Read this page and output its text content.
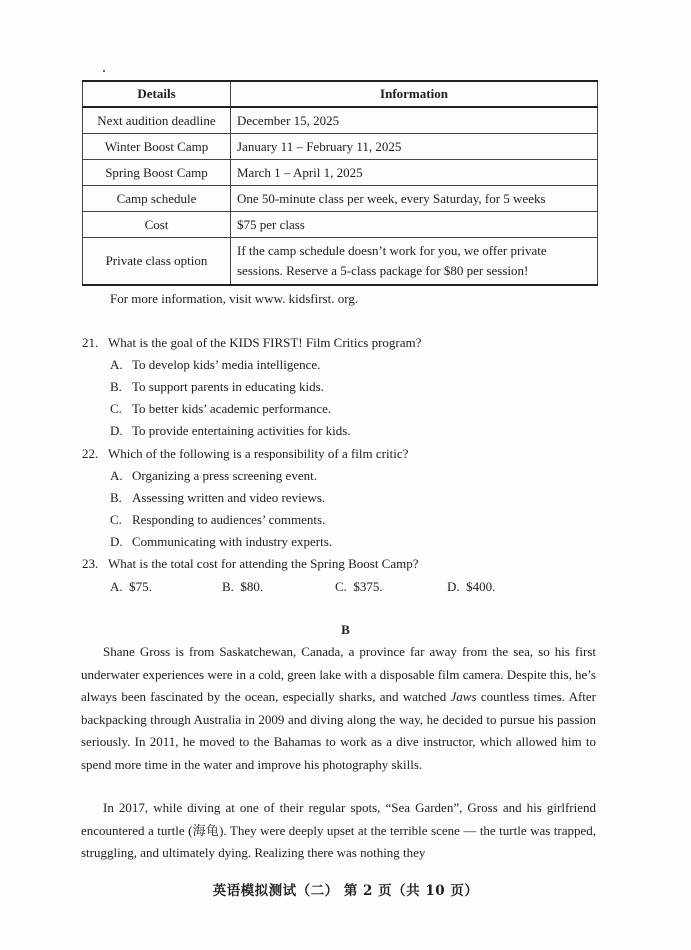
Details	Information
Next audition deadline	December 15, 2025
Winter Boost Camp	January 11 – February 11, 2025
Spring Boost Camp	March 1 – April 1, 2025
Camp schedule	One 50-minute class per week, every Saturday, for 5 weeks
Cost	$75 per class
Private class option	If the camp schedule doesn’t work for you, we offer private sessions. Reserve a 5-class package for $80 per session!
For more information, visit www. kidsfirst. org.
21. What is the goal of the KIDS FIRST! Film Critics program?
A. To develop kids’ media intelligence.
B. To support parents in educating kids.
C. To better kids’ academic performance.
D. To provide entertaining activities for kids.
22. Which of the following is a responsibility of a film critic?
A. Organizing a press screening event.
B. Assessing written and video reviews.
C. Responding to audiences’ comments.
D. Communicating with industry experts.
23. What is the total cost for attending the Spring Boost Camp?
A. $75.	B. $80.	C. $375.	D. $400.
B
Shane Gross is from Saskatchewan, Canada, a province far away from the sea, so his first underwater experiences were in a cold, green lake with a disposable film camera. Despite this, he’s always been fascinated by the ocean, especially sharks, and watched Jaws countless times. After backpacking through Australia in 2009 and diving along the way, he decided to pursue his passion seriously. In 2011, he moved to the Bahamas to work as a dive instructor, which allowed him to spend more time in the water and improve his photography skills.
In 2017, while diving at one of their regular spots, “Sea Garden”, Gross and his girlfriend encountered a turtle (海龟). They were deeply upset at the terrible scene — the turtle was trapped, struggling, and ultimately dying. Realizing there was nothing they
英语模拟测试（二） 第 2 页（共 10 页）
